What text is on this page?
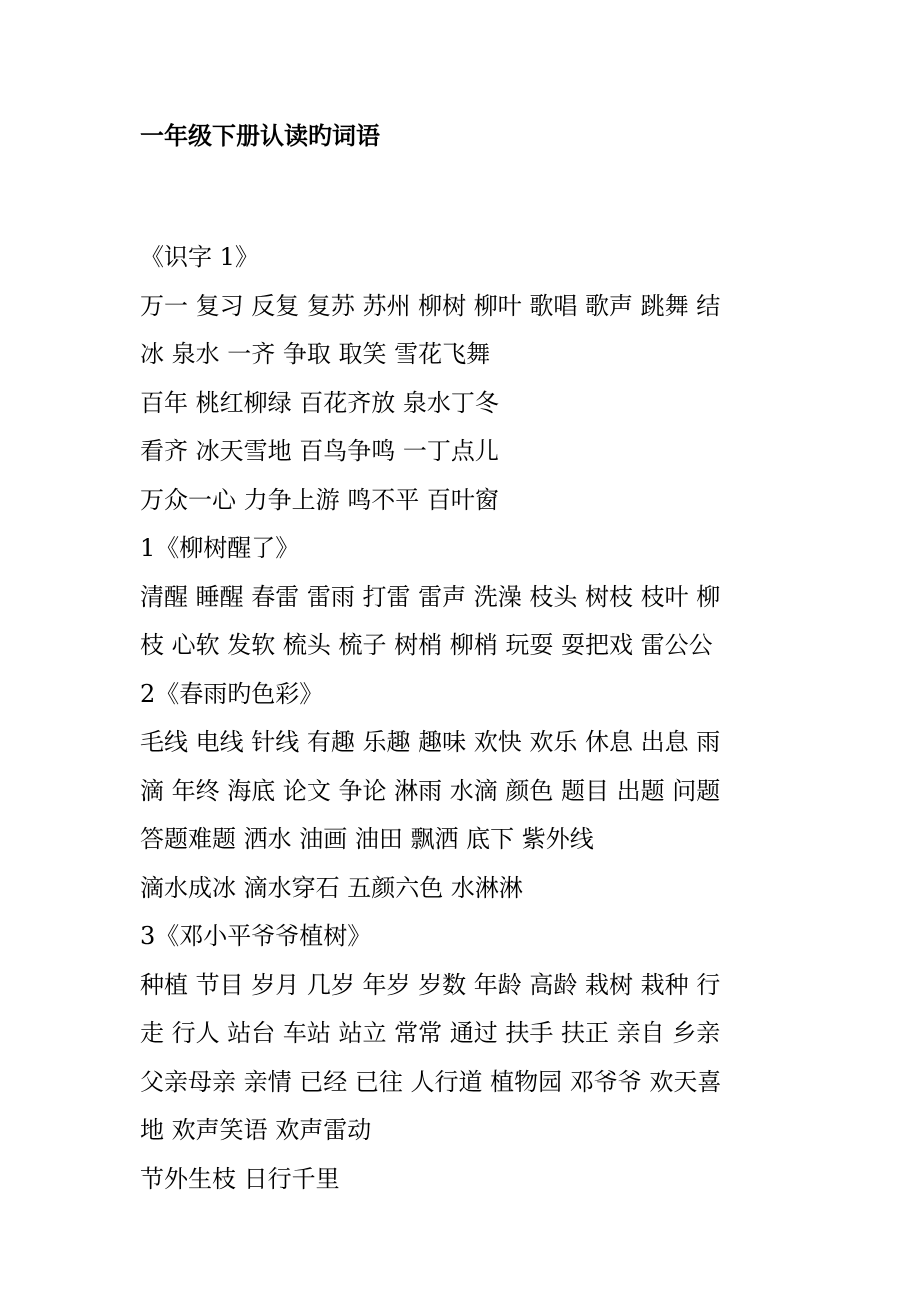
一年级下册认读旳词语
《识字 1》
万一 复习 反复 复苏 苏州 柳树 柳叶 歌唱 歌声 跳舞 结
冰 泉水 一齐 争取 取笑 雪花飞舞
百年 桃红柳绿 百花齐放 泉水丁冬
看齐 冰天雪地 百鸟争鸣 一丁点儿
万众一心 力争上游 鸣不平 百叶窗
1《柳树醒了》
清醒 睡醒 春雷 雷雨 打雷 雷声 洗澡 枝头 树枝 枝叶 柳
枝 心软 发软 梳头 梳子 树梢 柳梢 玩耍 耍把戏 雷公公
2《春雨旳色彩》
毛线 电线 针线 有趣 乐趣 趣味 欢快 欢乐 休息 出息 雨
滴 年终 海底 论文 争论 淋雨 水滴 颜色 题目 出题 问题
答题难题 洒水 油画 油田 飘洒 底下 紫外线
滴水成冰 滴水穿石 五颜六色 水淋淋
3《邓小平爷爷植树》
种植 节目 岁月 几岁 年岁 岁数 年龄 高龄 栽树 栽种 行
走 行人 站台 车站 站立 常常 通过 扶手 扶正 亲自 乡亲
父亲母亲 亲情 已经 已往 人行道 植物园 邓爷爷 欢天喜
地 欢声笑语 欢声雷动
节外生枝 日行千里
